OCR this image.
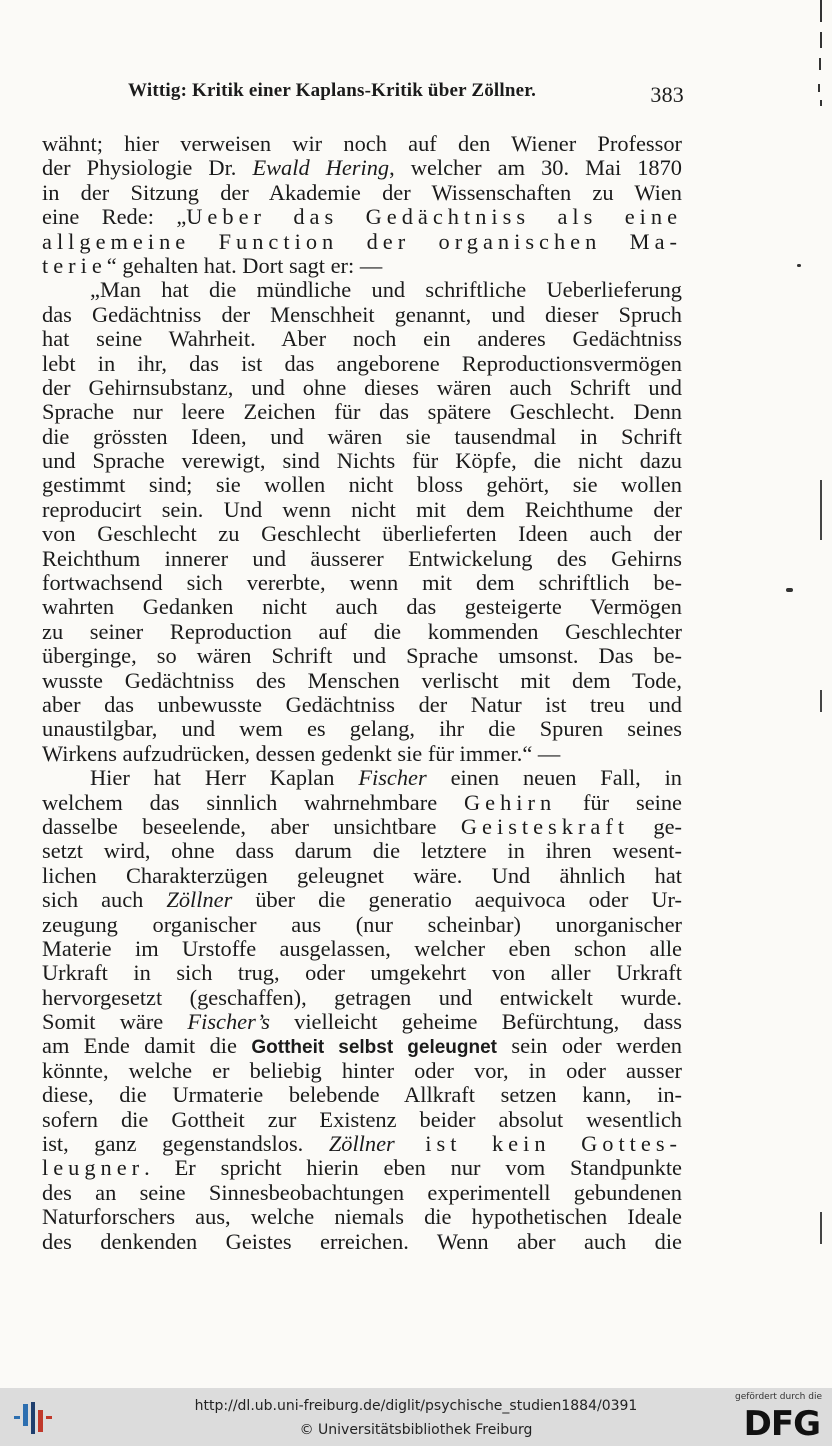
Wittig: Kritik einer Kaplans-Kritik über Zöllner.	383
wähnt; hier verweisen wir noch auf den Wiener Professor
der Physiologie Dr. Ewald Hering, welcher am 30. Mai 1870
in der Sitzung der Akademie der Wissenschaften zu Wien
eine Rede: „Ueber das Gedächtniss als eine
allgemeine Function der organischen Ma-
terie“ gehalten hat. Dort sagt er: —
„Man hat die mündliche und schriftliche Ueberlieferung
das Gedächtniss der Menschheit genannt, und dieser Spruch
hat seine Wahrheit. Aber noch ein anderes Gedächtniss
lebt in ihr, das ist das angeborene Reproductionsvermögen
der Gehirnsubstanz, und ohne dieses wären auch Schrift und
Sprache nur leere Zeichen für das spätere Geschlecht. Denn
die grössten Ideen, und wären sie tausendmal in Schrift
und Sprache verewigt, sind Nichts für Köpfe, die nicht dazu
gestimmt sind; sie wollen nicht bloss gehört, sie wollen
reproducirt sein. Und wenn nicht mit dem Reichthume der
von Geschlecht zu Geschlecht überlieferten Ideen auch der
Reichthum innerer und äusserer Entwickelung des Gehirns
fortwachsend sich vererbte, wenn mit dem schriftlich be-
wahrten Gedanken nicht auch das gesteigerte Vermögen
zu seiner Reproduction auf die kommenden Geschlechter
überginge, so wären Schrift und Sprache umsonst. Das be-
wusste Gedächtniss des Menschen verlischt mit dem Tode,
aber das unbewusste Gedächtniss der Natur ist treu und
unaustilgbar, und wem es gelang, ihr die Spuren seines
Wirkens aufzudrücken, dessen gedenkt sie für immer.“ —
Hier hat Herr Kaplan Fischer einen neuen Fall, in
welchem das sinnlich wahrnehmbare Gehirn für seine
dasselbe beseelende, aber unsichtbare Geisteskraft ge-
setzt wird, ohne dass darum die letztere in ihren wesent-
lichen Charakterzügen geleugnet wäre. Und ähnlich hat
sich auch Zöllner über die generatio aequivoca oder Ur-
zeugung organischer aus (nur scheinbar) unorganischer
Materie im Urstoffe ausgelassen, welcher eben schon alle
Urkraft in sich trug, oder umgekehrt von aller Urkraft
hervorgesetzt (geschaffen), getragen und entwickelt wurde.
Somit wäre Fischer’s vielleicht geheime Befürchtung, dass
am Ende damit die Gottheit selbst geleugnet sein oder werden
könnte, welche er beliebig hinter oder vor, in oder ausser
diese, die Urmaterie belebende Allkraft setzen kann, in-
sofern die Gottheit zur Existenz beider absolut wesentlich
ist, ganz gegenstandslos. Zöllner ist kein Gottes-
leugner. Er spricht hierin eben nur vom Standpunkte
des an seine Sinnesbeobachtungen experimentell gebundenen
Naturforschers aus, welche niemals die hypothetischen Ideale
des denkenden Geistes erreichen. Wenn aber auch die
http://dl.ub.uni-freiburg.de/diglit/psychische_studien1884/0391
© Universitätsbibliothek Freiburg
gefördert durch die
DFG
